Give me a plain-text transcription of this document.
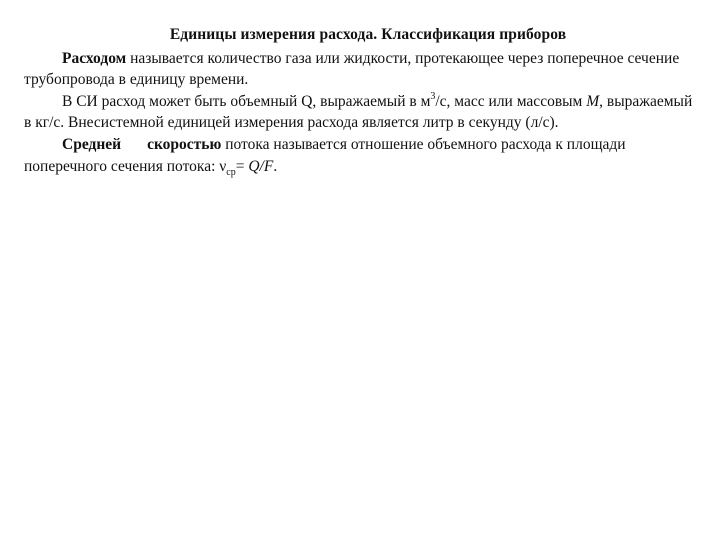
Единицы измерения расхода. Классификация приборов

Расходом называется количество газа или жидкости, протекающее через поперечное сечение трубопровода в единицу времени.

В СИ расход может быть объемный Q, выражаемый в $м^3/с$, масс или массовым M, выражаемый в кг/с. Внесистемной единицей измерения расхода является литр в секунду (л/с).

Средней скоростью потока называется отношение объемного расхода к площади поперечного сечения потока: $\nu_{ср}= Q/F$.
